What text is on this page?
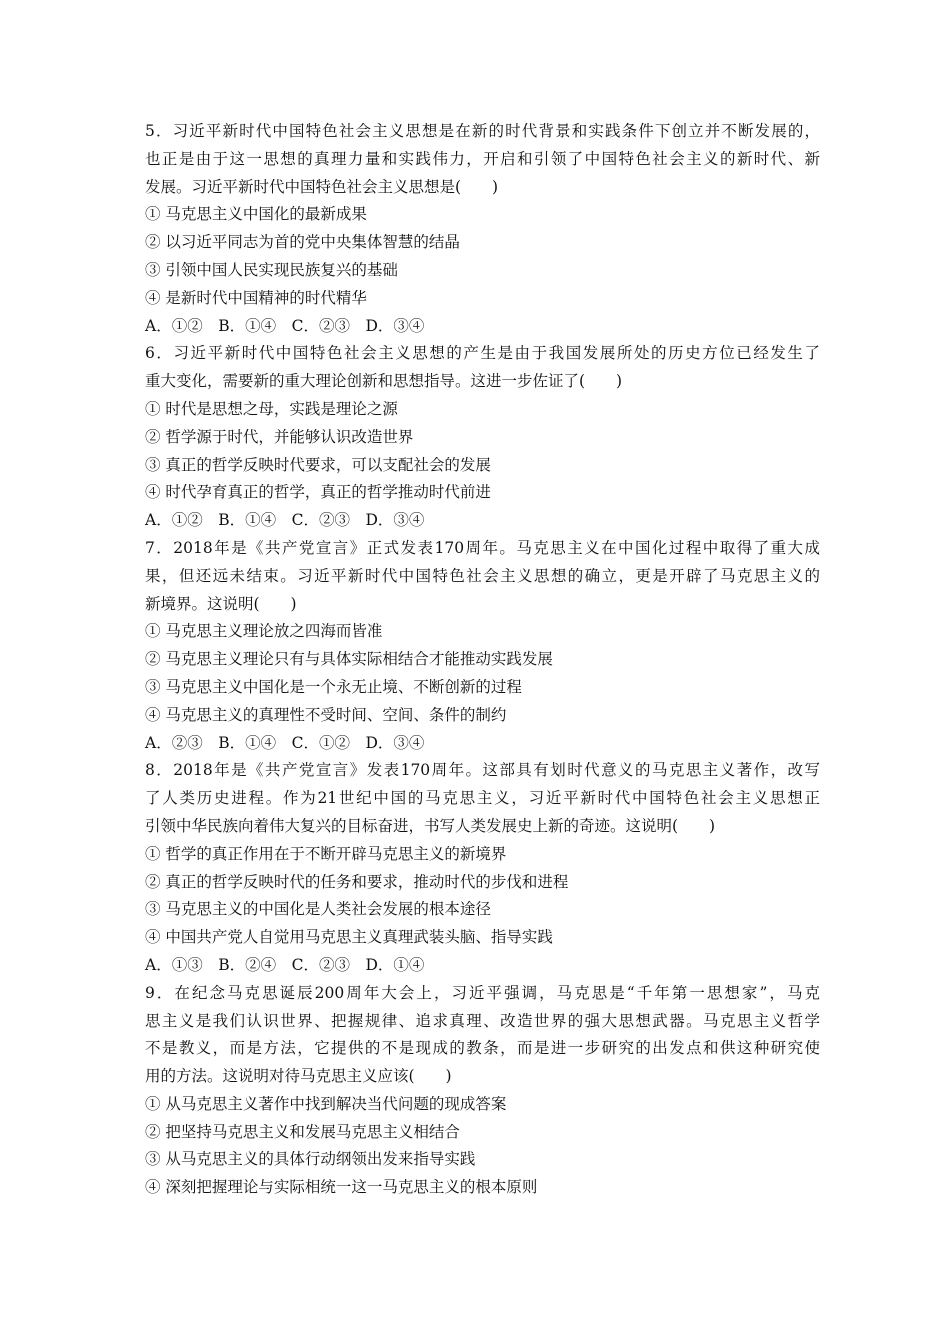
5．习近平新时代中国特色社会主义思想是在新的时代背景和实践条件下创立并不断发展的，
也正是由于这一思想的真理力量和实践伟力，开启和引领了中国特色社会主义的新时代、新
发展。习近平新时代中国特色社会主义思想是(　　)
① 马克思主义中国化的最新成果
② 以习近平同志为首的党中央集体智慧的结晶
③ 引领中国人民实现民族复兴的基础
④ 是新时代中国精神的时代精华
A．①②　B．①④　C．②③　D．③④
6．习近平新时代中国特色社会主义思想的产生是由于我国发展所处的历史方位已经发生了
重大变化，需要新的重大理论创新和思想指导。这进一步佐证了(　　)
① 时代是思想之母，实践是理论之源
② 哲学源于时代，并能够认识改造世界
③ 真正的哲学反映时代要求，可以支配社会的发展
④ 时代孕育真正的哲学，真正的哲学推动时代前进
A．①②　B．①④　C．②③　D．③④
7．2018年是《共产党宣言》正式发表170周年。马克思主义在中国化过程中取得了重大成
果，但还远未结束。习近平新时代中国特色社会主义思想的确立，更是开辟了马克思主义的
新境界。这说明(　　)
① 马克思主义理论放之四海而皆准
② 马克思主义理论只有与具体实际相结合才能推动实践发展
③ 马克思主义中国化是一个永无止境、不断创新的过程
④ 马克思主义的真理性不受时间、空间、条件的制约
A．②③　B．①④　C．①②　D．③④
8．2018年是《共产党宣言》发表170周年。这部具有划时代意义的马克思主义著作，改写
了人类历史进程。作为21世纪中国的马克思主义，习近平新时代中国特色社会主义思想正
引领中华民族向着伟大复兴的目标奋进，书写人类发展史上新的奇迹。这说明(　　)
① 哲学的真正作用在于不断开辟马克思主义的新境界
② 真正的哲学反映时代的任务和要求，推动时代的步伐和进程
③ 马克思主义的中国化是人类社会发展的根本途径
④ 中国共产党人自觉用马克思主义真理武装头脑、指导实践
A．①③　B．②④　C．②③　D．①④
9．在纪念马克思诞辰200周年大会上，习近平强调，马克思是“千年第一思想家”，马克
思主义是我们认识世界、把握规律、追求真理、改造世界的强大思想武器。马克思主义哲学
不是教义，而是方法，它提供的不是现成的教条，而是进一步研究的出发点和供这种研究使
用的方法。这说明对待马克思主义应该(　　)
① 从马克思主义著作中找到解决当代问题的现成答案
② 把坚持马克思主义和发展马克思主义相结合
③ 从马克思主义的具体行动纲领出发来指导实践
④ 深刻把握理论与实际相统一这一马克思主义的根本原则
